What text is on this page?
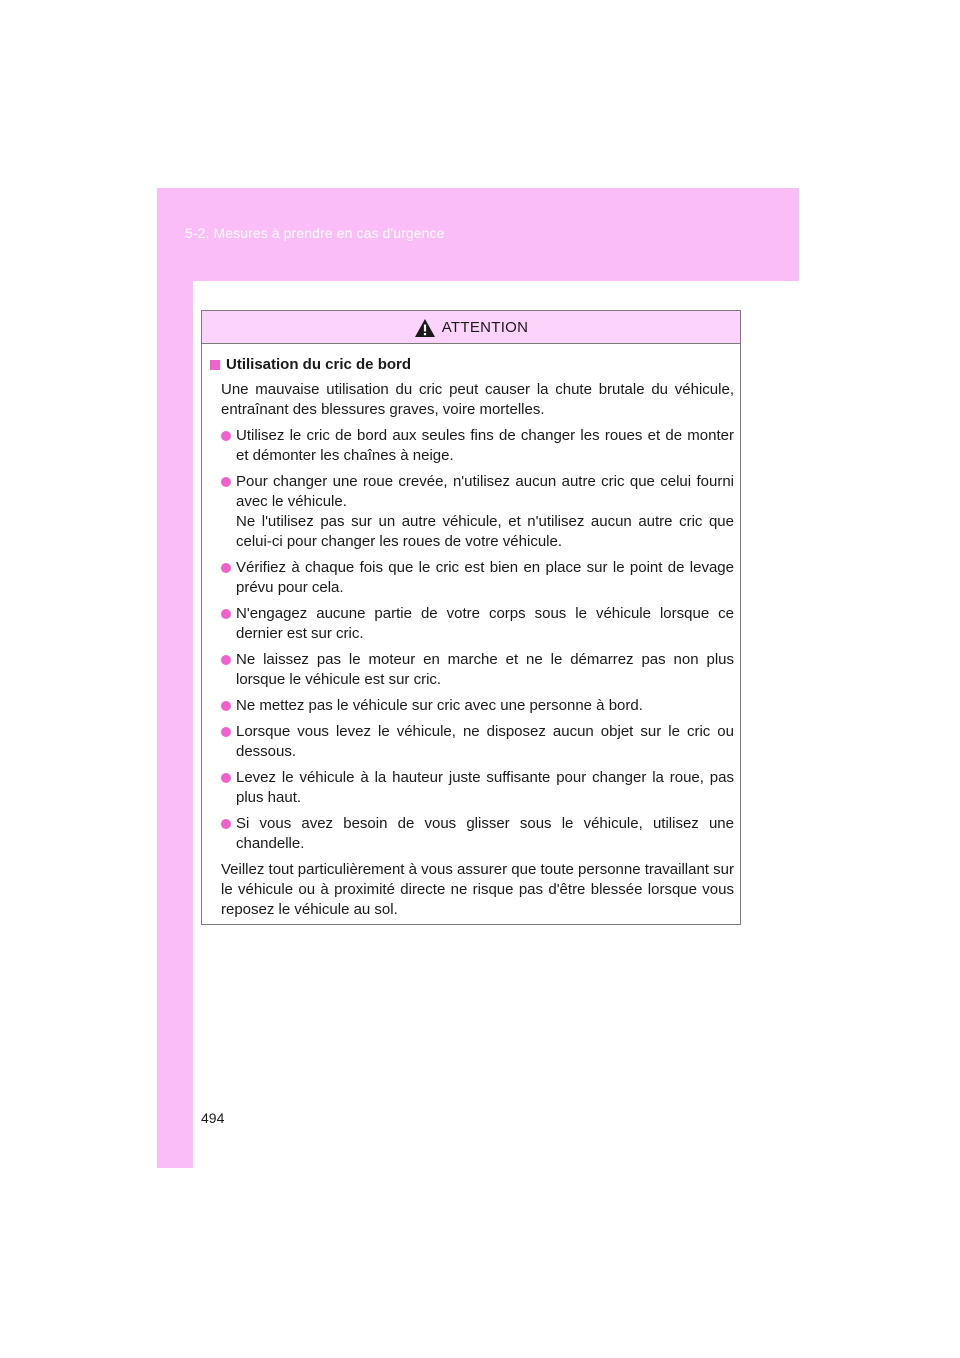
5-2. Mesures à prendre en cas d'urgence
ATTENTION
Utilisation du cric de bord

Une mauvaise utilisation du cric peut causer la chute brutale du véhicule, entraînant des blessures graves, voire mortelles.

Utilisez le cric de bord aux seules fins de changer les roues et de monter et démonter les chaînes à neige.
Pour changer une roue crevée, n'utilisez aucun autre cric que celui fourni avec le véhicule.
Ne l'utilisez pas sur un autre véhicule, et n'utilisez aucun autre cric que celui-ci pour changer les roues de votre véhicule.
Vérifiez à chaque fois que le cric est bien en place sur le point de levage prévu pour cela.
N'engagez aucune partie de votre corps sous le véhicule lorsque ce dernier est sur cric.
Ne laissez pas le moteur en marche et ne le démarrez pas non plus lorsque le véhicule est sur cric.
Ne mettez pas le véhicule sur cric avec une personne à bord.
Lorsque vous levez le véhicule, ne disposez aucun objet sur le cric ou dessous.
Levez le véhicule à la hauteur juste suffisante pour changer la roue, pas plus haut.
Si vous avez besoin de vous glisser sous le véhicule, utilisez une chandelle.

Veillez tout particulièrement à vous assurer que toute personne travaillant sur le véhicule ou à proximité directe ne risque pas d'être blessée lorsque vous reposez le véhicule au sol.

494
